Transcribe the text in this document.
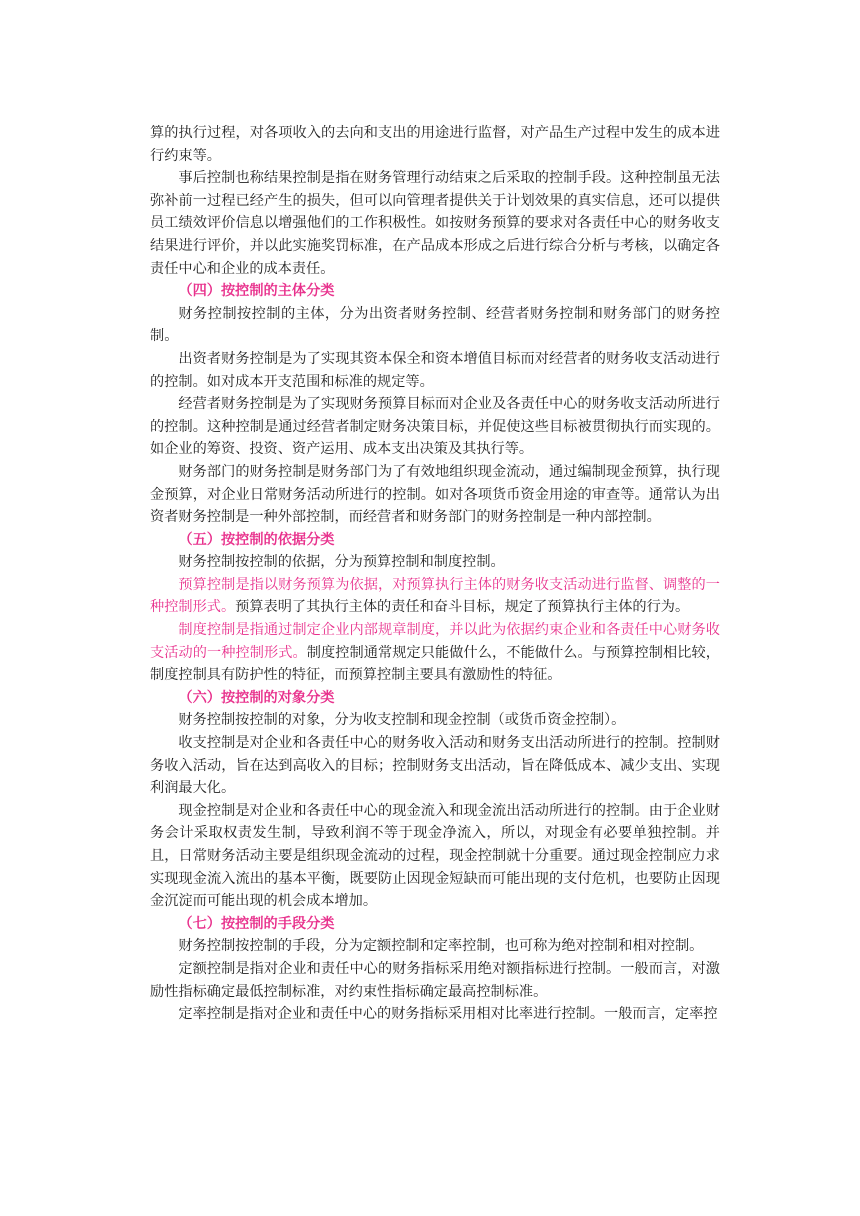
算的执行过程，对各项收入的去向和支出的用途进行监督，对产品生产过程中发生的成本进行约束等。

事后控制也称结果控制是指在财务管理行动结束之后采取的控制手段。这种控制虽无法弥补前一过程已经产生的损失，但可以向管理者提供关于计划效果的真实信息，还可以提供员工绩效评价信息以增强他们的工作积极性。如按财务预算的要求对各责任中心的财务收支结果进行评价，并以此实施奖罚标准，在产品成本形成之后进行综合分析与考核，以确定各责任中心和企业的成本责任。

（四）按控制的主体分类

财务控制按控制的主体，分为出资者财务控制、经营者财务控制和财务部门的财务控制。

出资者财务控制是为了实现其资本保全和资本增值目标而对经营者的财务收支活动进行的控制。如对成本开支范围和标准的规定等。

经营者财务控制是为了实现财务预算目标而对企业及各责任中心的财务收支活动所进行的控制。这种控制是通过经营者制定财务决策目标，并促使这些目标被贯彻执行而实现的。如企业的筹资、投资、资产运用、成本支出决策及其执行等。

财务部门的财务控制是财务部门为了有效地组织现金流动，通过编制现金预算，执行现金预算，对企业日常财务活动所进行的控制。如对各项货币资金用途的审查等。通常认为出资者财务控制是一种外部控制，而经营者和财务部门的财务控制是一种内部控制。

（五）按控制的依据分类

财务控制按控制的依据，分为预算控制和制度控制。

预算控制是指以财务预算为依据，对预算执行主体的财务收支活动进行监督、调整的一种控制形式。预算表明了其执行主体的责任和奋斗目标，规定了预算执行主体的行为。

制度控制是指通过制定企业内部规章制度，并以此为依据约束企业和各责任中心财务收支活动的一种控制形式。制度控制通常规定只能做什么，不能做什么。与预算控制相比较，制度控制具有防护性的特征，而预算控制主要具有激励性的特征。

（六）按控制的对象分类

财务控制按控制的对象，分为收支控制和现金控制（或货币资金控制）。

收支控制是对企业和各责任中心的财务收入活动和财务支出活动所进行的控制。控制财务收入活动，旨在达到高收入的目标；控制财务支出活动，旨在降低成本、减少支出、实现利润最大化。

现金控制是对企业和各责任中心的现金流入和现金流出活动所进行的控制。由于企业财务会计采取权责发生制，导致利润不等于现金净流入，所以，对现金有必要单独控制。并且，日常财务活动主要是组织现金流动的过程，现金控制就十分重要。通过现金控制应力求实现现金流入流出的基本平衡，既要防止因现金短缺而可能出现的支付危机，也要防止因现金沉淀而可能出现的机会成本增加。

（七）按控制的手段分类

财务控制按控制的手段，分为定额控制和定率控制，也可称为绝对控制和相对控制。

定额控制是指对企业和责任中心的财务指标采用绝对额指标进行控制。一般而言，对激励性指标确定最低控制标准，对约束性指标确定最高控制标准。

定率控制是指对企业和责任中心的财务指标采用相对比率进行控制。一般而言，定率控
